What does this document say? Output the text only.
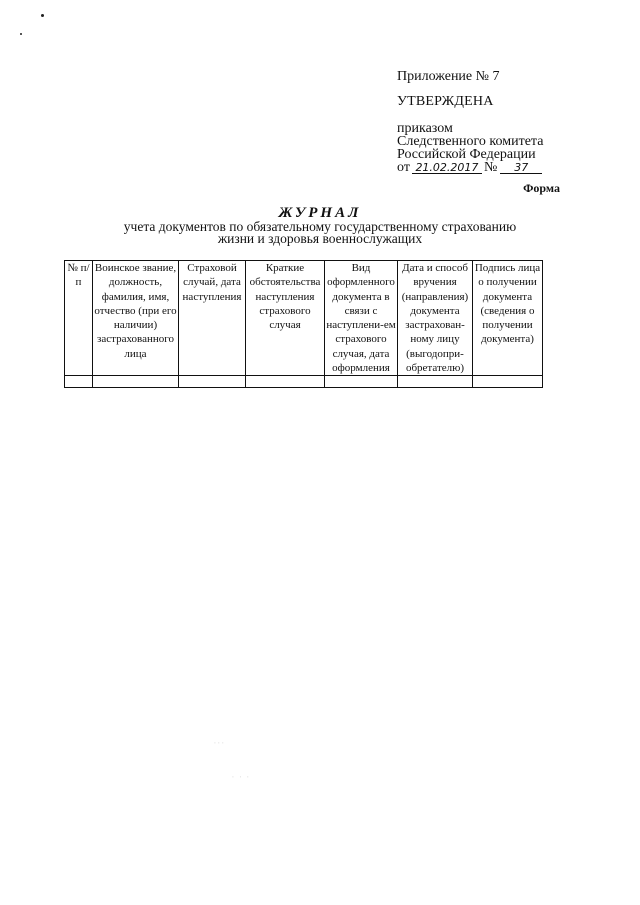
‧‧‧
‧ ‧ ‧
Приложение № 7
УТВЕРЖДЕНА
приказом
Следственного комитета
Российской Федерации
от 21.02.2017 №	37
Форма
ЖУРНАЛ
учета документов по обязательному государственному страхованию
жизни и здоровья военнослужащих
№ п/п	Воинское звание, должность, фамилия, имя, отчество (при его наличии) застрахованного лица	Страховой случай, дата наступления	Краткие обстоятельства наступления страхового случая	Вид оформленного документа в связи с наступлени-ем страхового случая, дата оформления	Дата и способ вручения (направления) документа застрахован-ному лицу (выгодопри-обретателю)	Подпись лица о получении документа (сведения о получении документа)
